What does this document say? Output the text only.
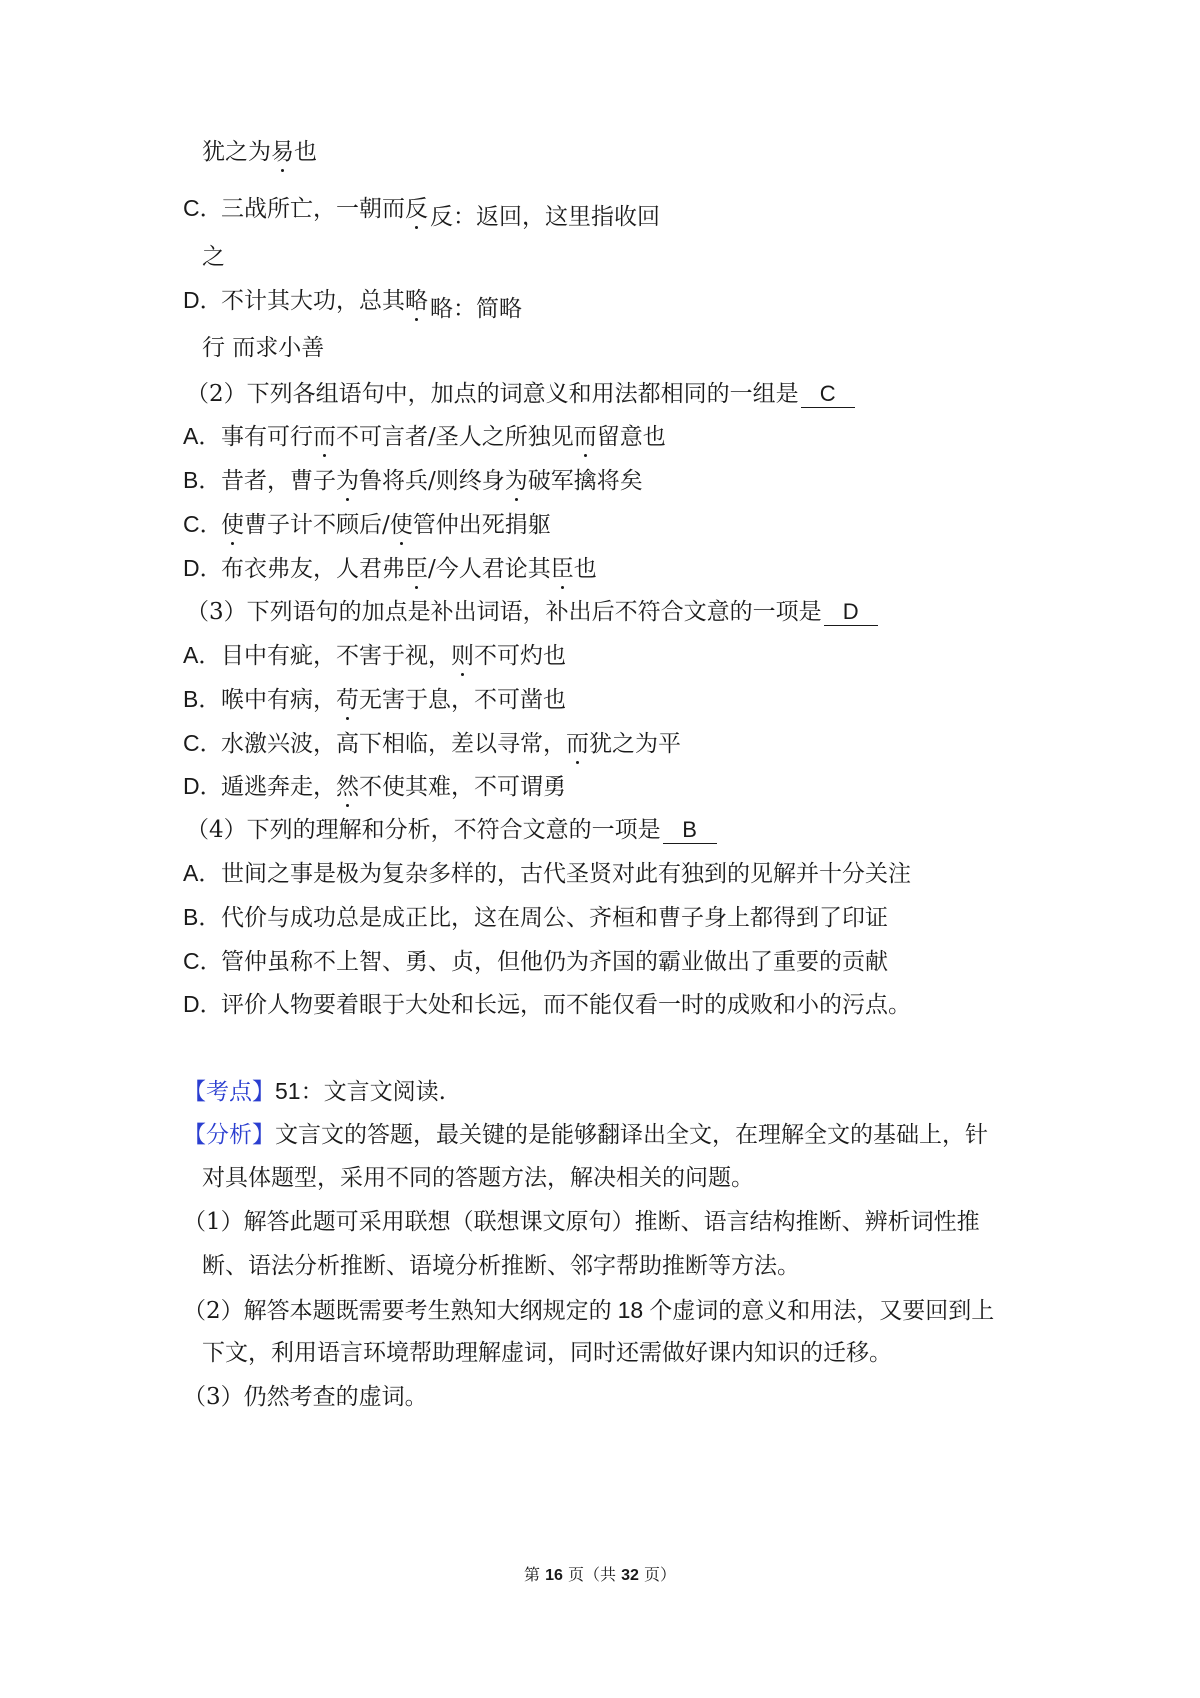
犹之为易也
C．三战所亡，一朝而反反：返回，这里指收回
之
D．不计其大功，总其略略：简略
行 而求小善
（2）下列各组语句中，加点的词意义和用法都相同的一组是 C
A．事有可行而不可言者/圣人之所独见而留意也
B．昔者，曹子为鲁将兵/则终身为破军擒将矣
C．使曹子计不顾后/使管仲出死捐躯
D．布衣弗友，人君弗臣/今人君论其臣也
（3）下列语句的加点是补出词语，补出后不符合文意的一项是 D
A．目中有疵，不害于视，则不可灼也
B．喉中有病，苟无害于息，不可凿也
C．水激兴波，高下相临，差以寻常，而犹之为平
D．遁逃奔走，然不使其难，不可谓勇
（4）下列的理解和分析，不符合文意的一项是 B
A．世间之事是极为复杂多样的，古代圣贤对此有独到的见解并十分关注
B．代价与成功总是成正比，这在周公、齐桓和曹子身上都得到了印证
C．管仲虽称不上智、勇、贞，但他仍为齐国的霸业做出了重要的贡献
D．评价人物要着眼于大处和长远，而不能仅看一时的成败和小的污点。
【考点】51：文言文阅读.
【分析】文言文的答题，最关键的是能够翻译出全文，在理解全文的基础上，针
对具体题型，采用不同的答题方法，解决相关的问题。
（1）解答此题可采用联想（联想课文原句）推断、语言结构推断、辨析词性推
断、语法分析推断、语境分析推断、邻字帮助推断等方法。
（2）解答本题既需要考生熟知大纲规定的 18 个虚词的意义和用法，又要回到上
下文，利用语言环境帮助理解虚词，同时还需做好课内知识的迁移。
（3）仍然考查的虚词。
第 16 页（共 32 页）
